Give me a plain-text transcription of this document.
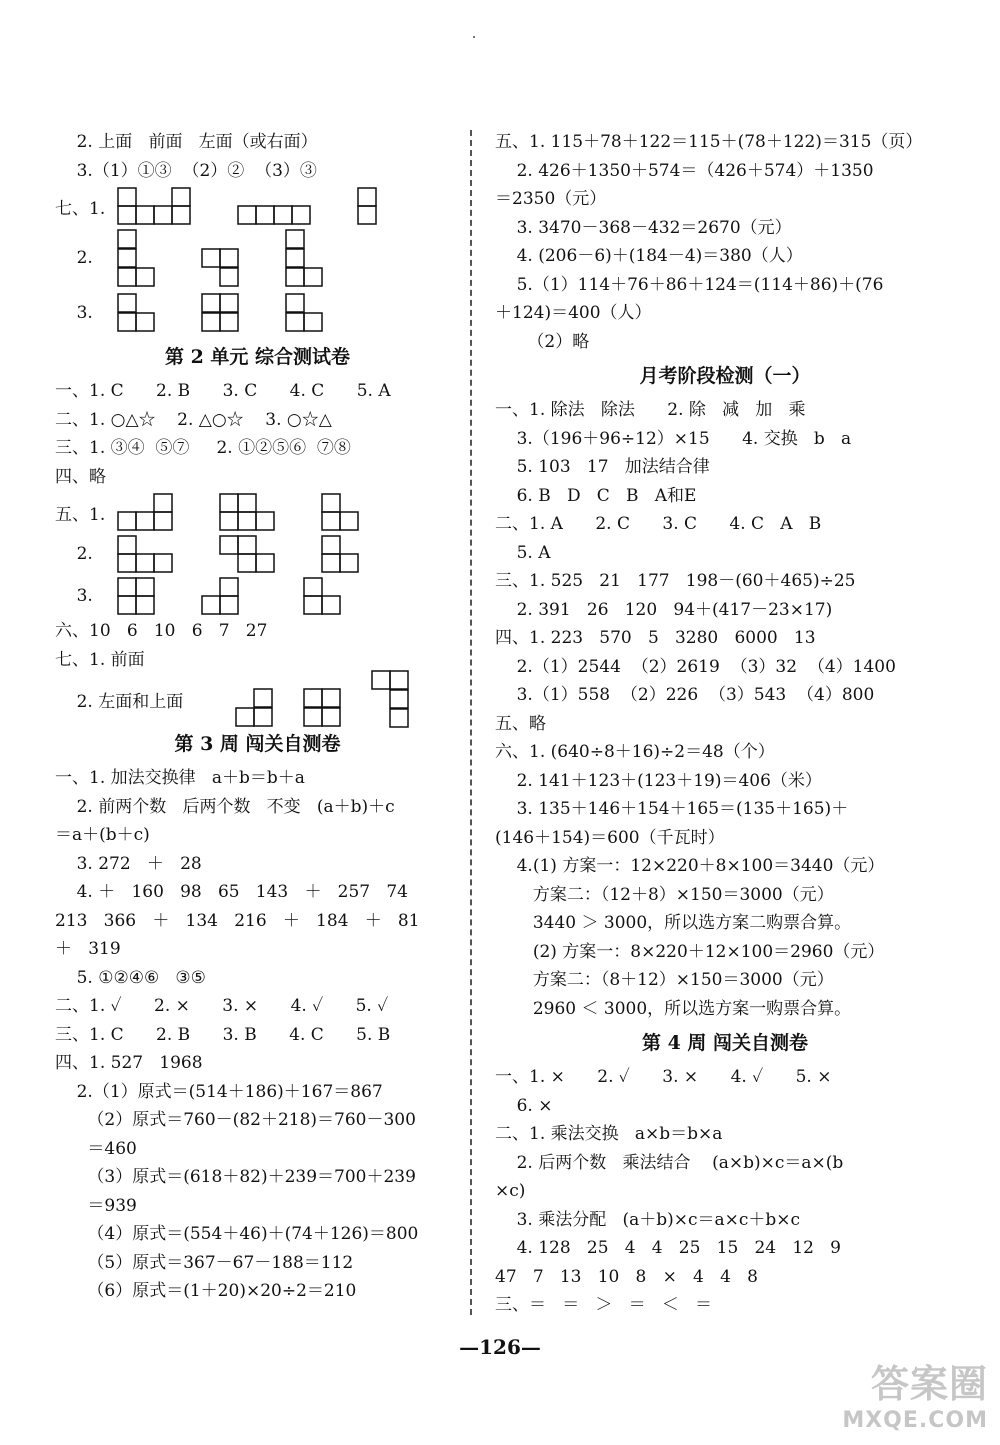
2. 上面   前面   左面（或右面）
3.（1）①③  （2）②  （3）③
七、1.
2.
3.
第 2 单元 综合测试卷
一、1. C      2. B      3. C      4. C      5. A
二、1. ○△☆    2. △○☆    3. ○☆△
三、1. ③④  ⑤⑦     2. ①②⑤⑥  ⑦⑧
四、略
五、1.
2.
3.
六、10   6   10   6   7   27
七、1. 前面
2. 左面和上面
第 3 周 闯关自测卷
一、1. 加法交换律   a＋b＝b＋a
2. 前两个数   后两个数   不变   (a＋b)＋c
＝a＋(b＋c)
3. 272   ＋   28
4. ＋   160   98   65   143   ＋   257   74
213   366   ＋   134   216   ＋   184   ＋   81
＋   319
5. ①②④⑥   ③⑤
二、1. ✓      2. ×      3. ×      4. ✓      5. ✓
三、1. C      2. B      3. B      4. C      5. B
四、1. 527   1968
2.（1）原式＝(514＋186)＋167＝867
（2）原式＝760－(82＋218)＝760－300
＝460
（3）原式＝(618＋82)＋239＝700＋239
＝939
（4）原式＝(554＋46)＋(74＋126)＝800
（5）原式＝367－67－188＝112
（6）原式＝(1＋20)×20÷2＝210
五、1. 115＋78＋122＝115＋(78＋122)＝315（页）
2. 426＋1350＋574＝（426＋574）＋1350
＝2350（元）
3. 3470－368－432＝2670（元）
4. (206－6)＋(184－4)＝380（人）
5.（1）114＋76＋86＋124＝(114＋86)＋(76
＋124)＝400（人）
（2）略
月考阶段检测（一）
一、1. 除法   除法      2. 除   减   加   乘
3.（196＋96÷12）×15      4. 交换   b   a
5. 103   17   加法结合律
6. B   D   C   B   A和E
二、1. A      2. C      3. C      4. C   A   B
5. A
三、1. 525   21   177   198－(60＋465)÷25
2. 391   26   120   94＋(417－23×17)
四、1. 223   570   5   3280   6000   13
2.（1）2544  （2）2619  （3）32  （4）1400
3.（1）558  （2）226  （3）543  （4）800
五、略
六、1. (640÷8＋16)÷2＝48（个）
2. 141＋123＋(123＋19)＝406（米）
3. 135＋146＋154＋165＝(135＋165)＋
(146＋154)＝600（千瓦时）
4.(1) 方案一：12×220＋8×100＝3440（元）
方案二：（12＋8）×150＝3000（元）
3440 ＞ 3000，所以选方案二购票合算。
(2) 方案一：8×220＋12×100＝2960（元）
方案二：（8＋12）×150＝3000（元）
2960 ＜ 3000，所以选方案一购票合算。
第 4 周 闯关自测卷
一、1. ×      2. ✓      3. ×      4. ✓      5. ×
6. ×
二、1. 乘法交换   a×b＝b×a
2. 后两个数   乘法结合    (a×b)×c＝a×(b
×c)
3. 乘法分配   (a＋b)×c＝a×c＋b×c
4. 128   25   4   4   25   15   24   12   9
47   7   13   10   8   ×   4   4   8
三、＝   ＝   ＞   ＝   ＜   ＝
—126—
答案圈
MXQE.COM
